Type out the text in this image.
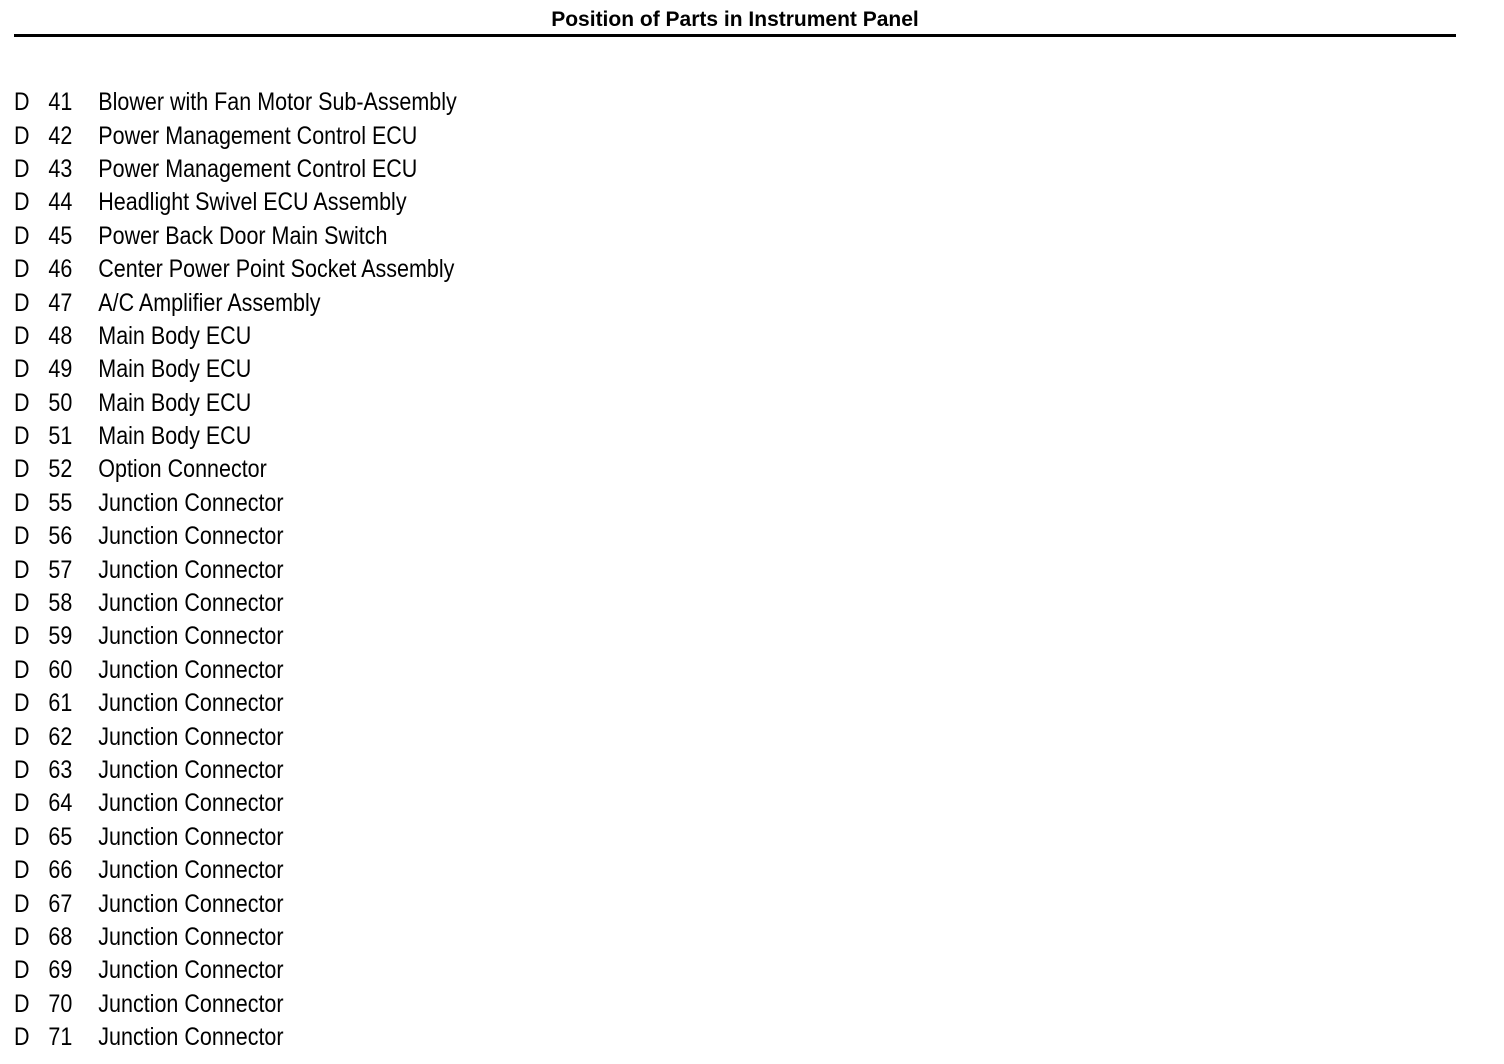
Position of Parts in Instrument Panel
D 41	Blower with Fan Motor Sub-Assembly
D 42	Power Management Control ECU
D 43	Power Management Control ECU
D 44	Headlight Swivel ECU Assembly
D 45	Power Back Door Main Switch
D 46	Center Power Point Socket Assembly
D 47	A/C Amplifier Assembly
D 48	Main Body ECU
D 49	Main Body ECU
D 50	Main Body ECU
D 51	Main Body ECU
D 52	Option Connector
D 55	Junction Connector
D 56	Junction Connector
D 57	Junction Connector
D 58	Junction Connector
D 59	Junction Connector
D 60	Junction Connector
D 61	Junction Connector
D 62	Junction Connector
D 63	Junction Connector
D 64	Junction Connector
D 65	Junction Connector
D 66	Junction Connector
D 67	Junction Connector
D 68	Junction Connector
D 69	Junction Connector
D 70	Junction Connector
D 71	Junction Connector
